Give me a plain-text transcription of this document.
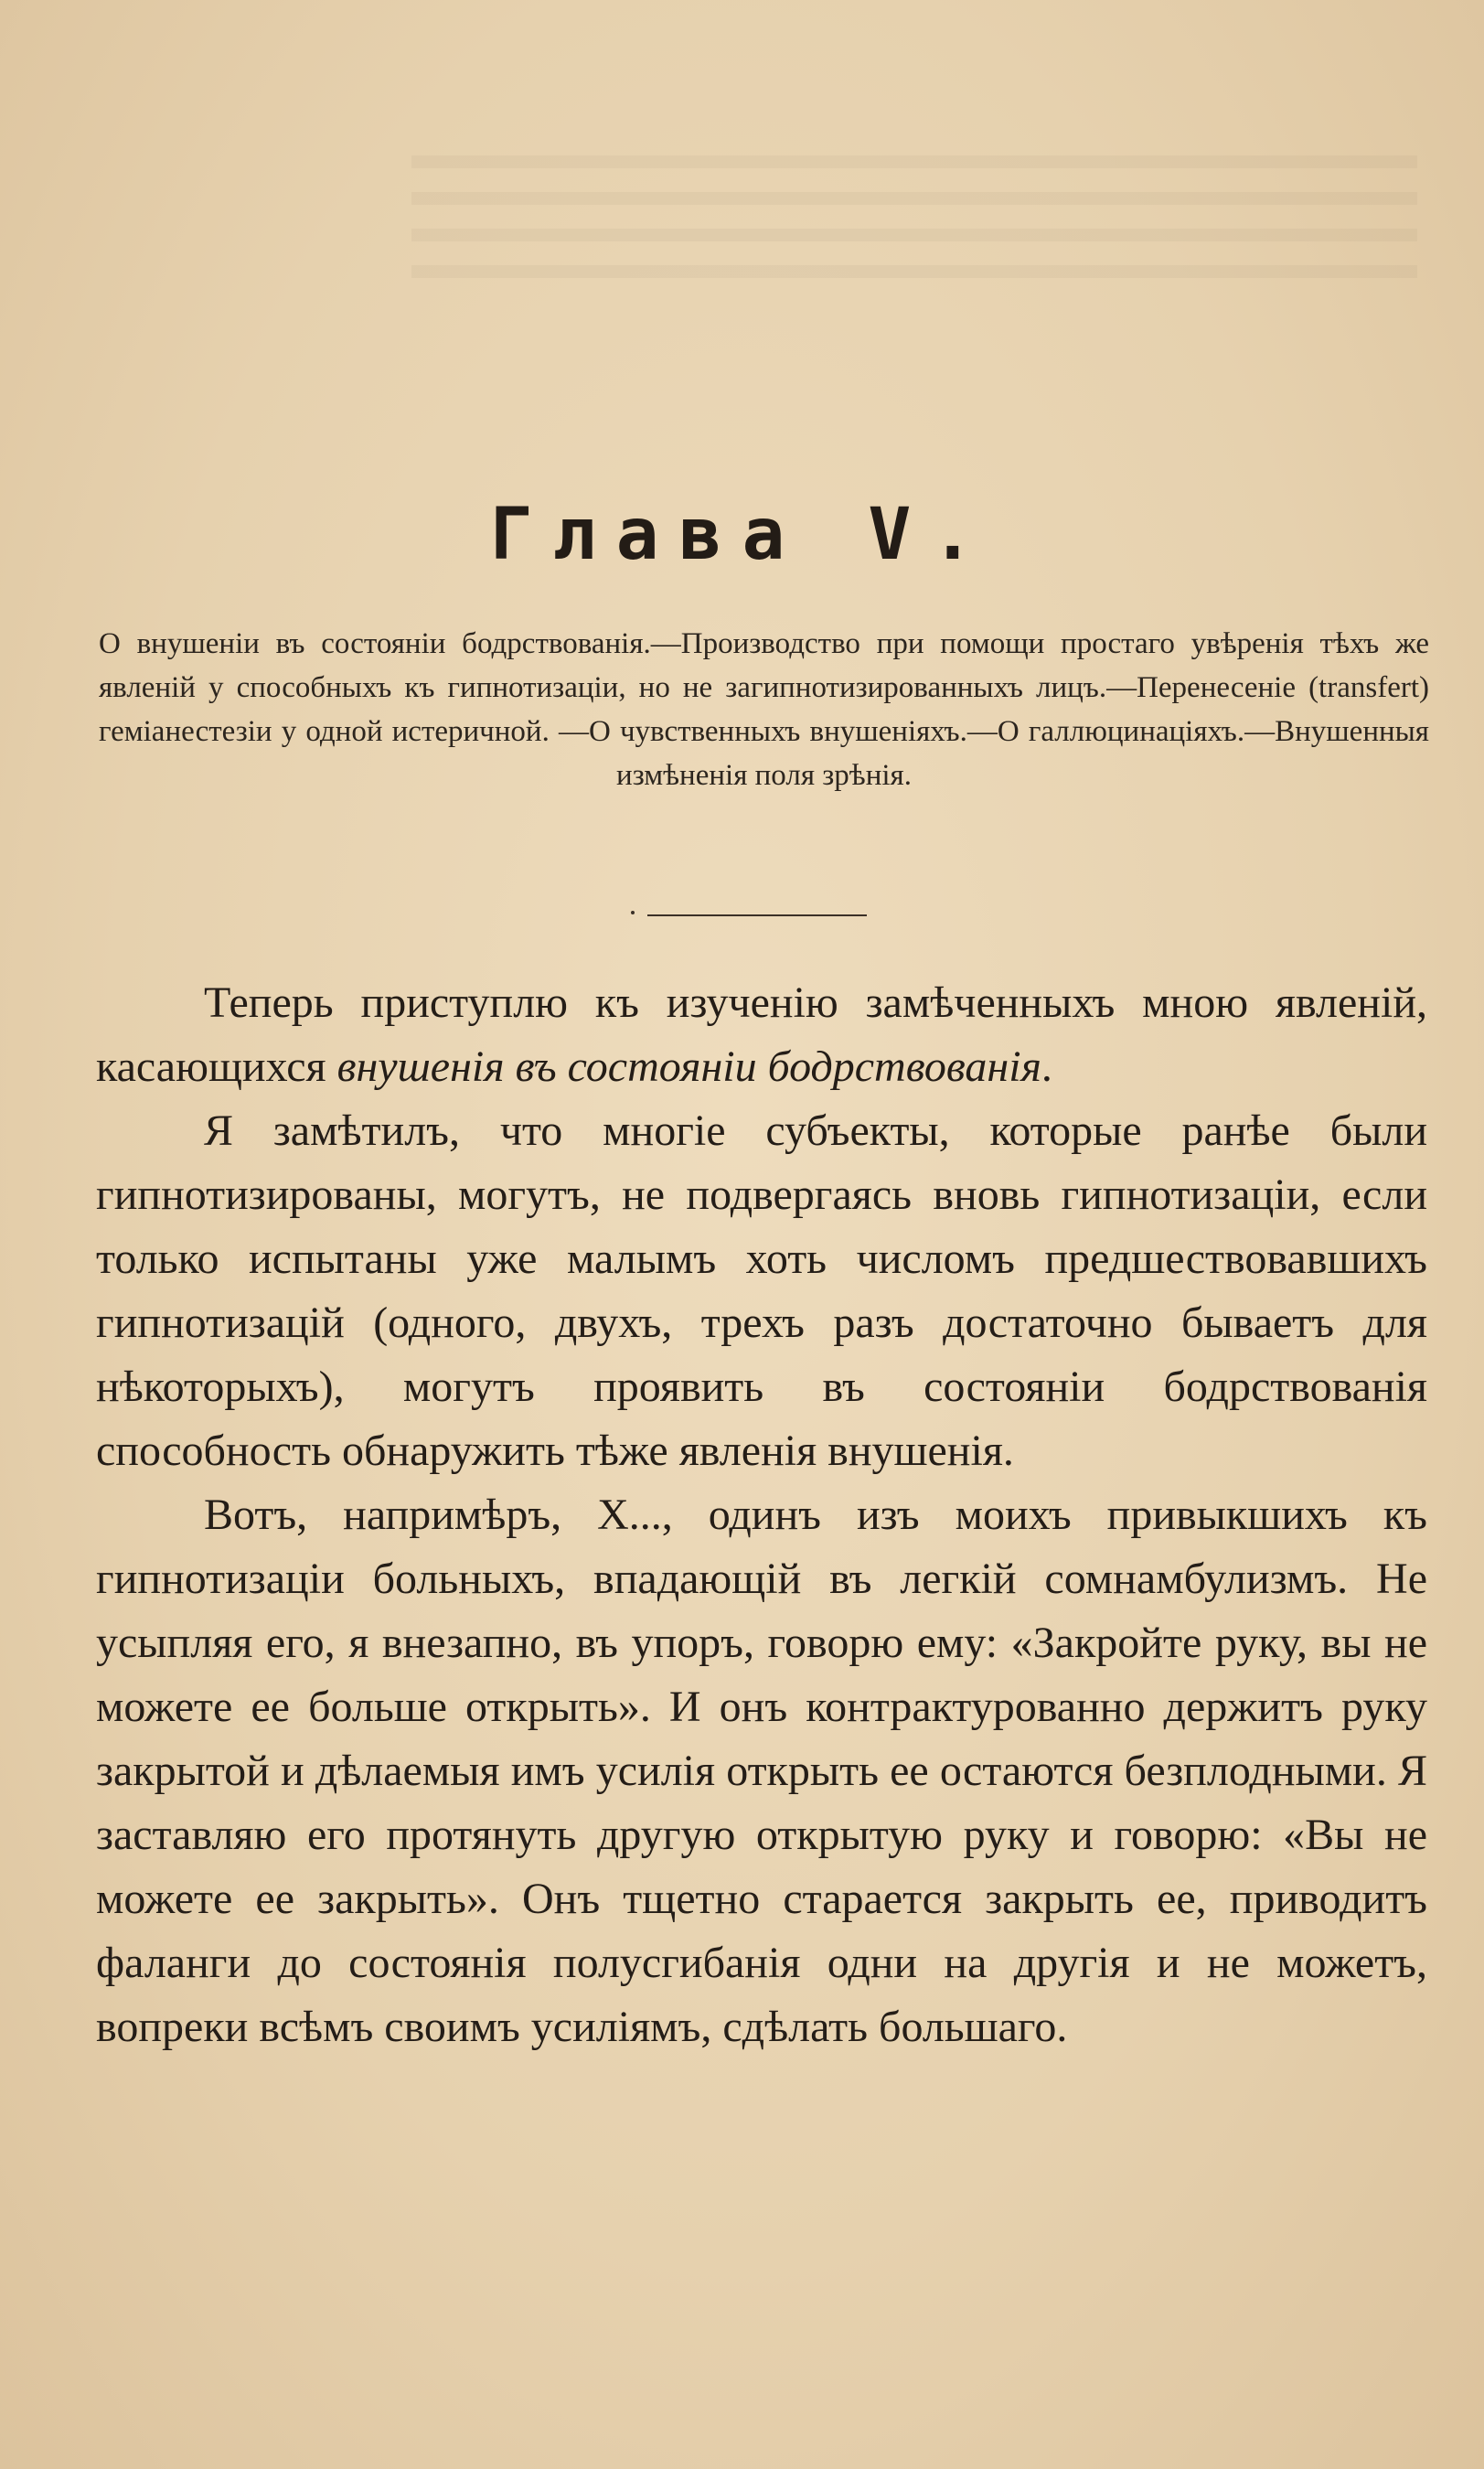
Глава V.
О внушеніи въ состояніи бодрствованія.—Производство при помощи простаго увѣренія тѣхъ же явленій у способныхъ къ гипнотизаціи, но не загипнотизированныхъ лицъ.—Перенесеніе (transfert) геміанестезіи у одной истеричной. —О чувственныхъ внушеніяхъ.—О галлюцинаціяхъ.—Внушенныя измѣненія поля зрѣнія.

Теперь приступлю къ изученію замѣченныхъ мною явленій, касающихся внушенія въ состояніи бодрствованія.

Я замѣтилъ, что многіе субъекты, которые ранѣе были гипнотизированы, могутъ, не подвергаясь вновь гипнотизаціи, если только испытаны уже малымъ хоть числомъ предшествовавшихъ гипнотизацій (одного, двухъ, трехъ разъ достаточно бываетъ для нѣкоторыхъ), могутъ проявить въ состояніи бодрствованія способность обнаружить тѣже явленія внушенія.

Вотъ, напримѣръ, X..., одинъ изъ моихъ привыкшихъ къ гипнотизаціи больныхъ, впадающій въ легкій сомнамбулизмъ. Не усыпляя его, я внезапно, въ упоръ, говорю ему: «Закройте руку, вы не можете ее больше открыть». И онъ контрактурованно держитъ руку закрытой и дѣлаемыя имъ усилія открыть ее остаются безплодными. Я заставляю его протянуть другую открытую руку и говорю: «Вы не можете ее закрыть». Онъ тщетно старается закрыть ее, приводитъ фаланги до состоянія полусгибанія одни на другія и не можетъ, вопреки всѣмъ своимъ усиліямъ, сдѣлать большаго.
